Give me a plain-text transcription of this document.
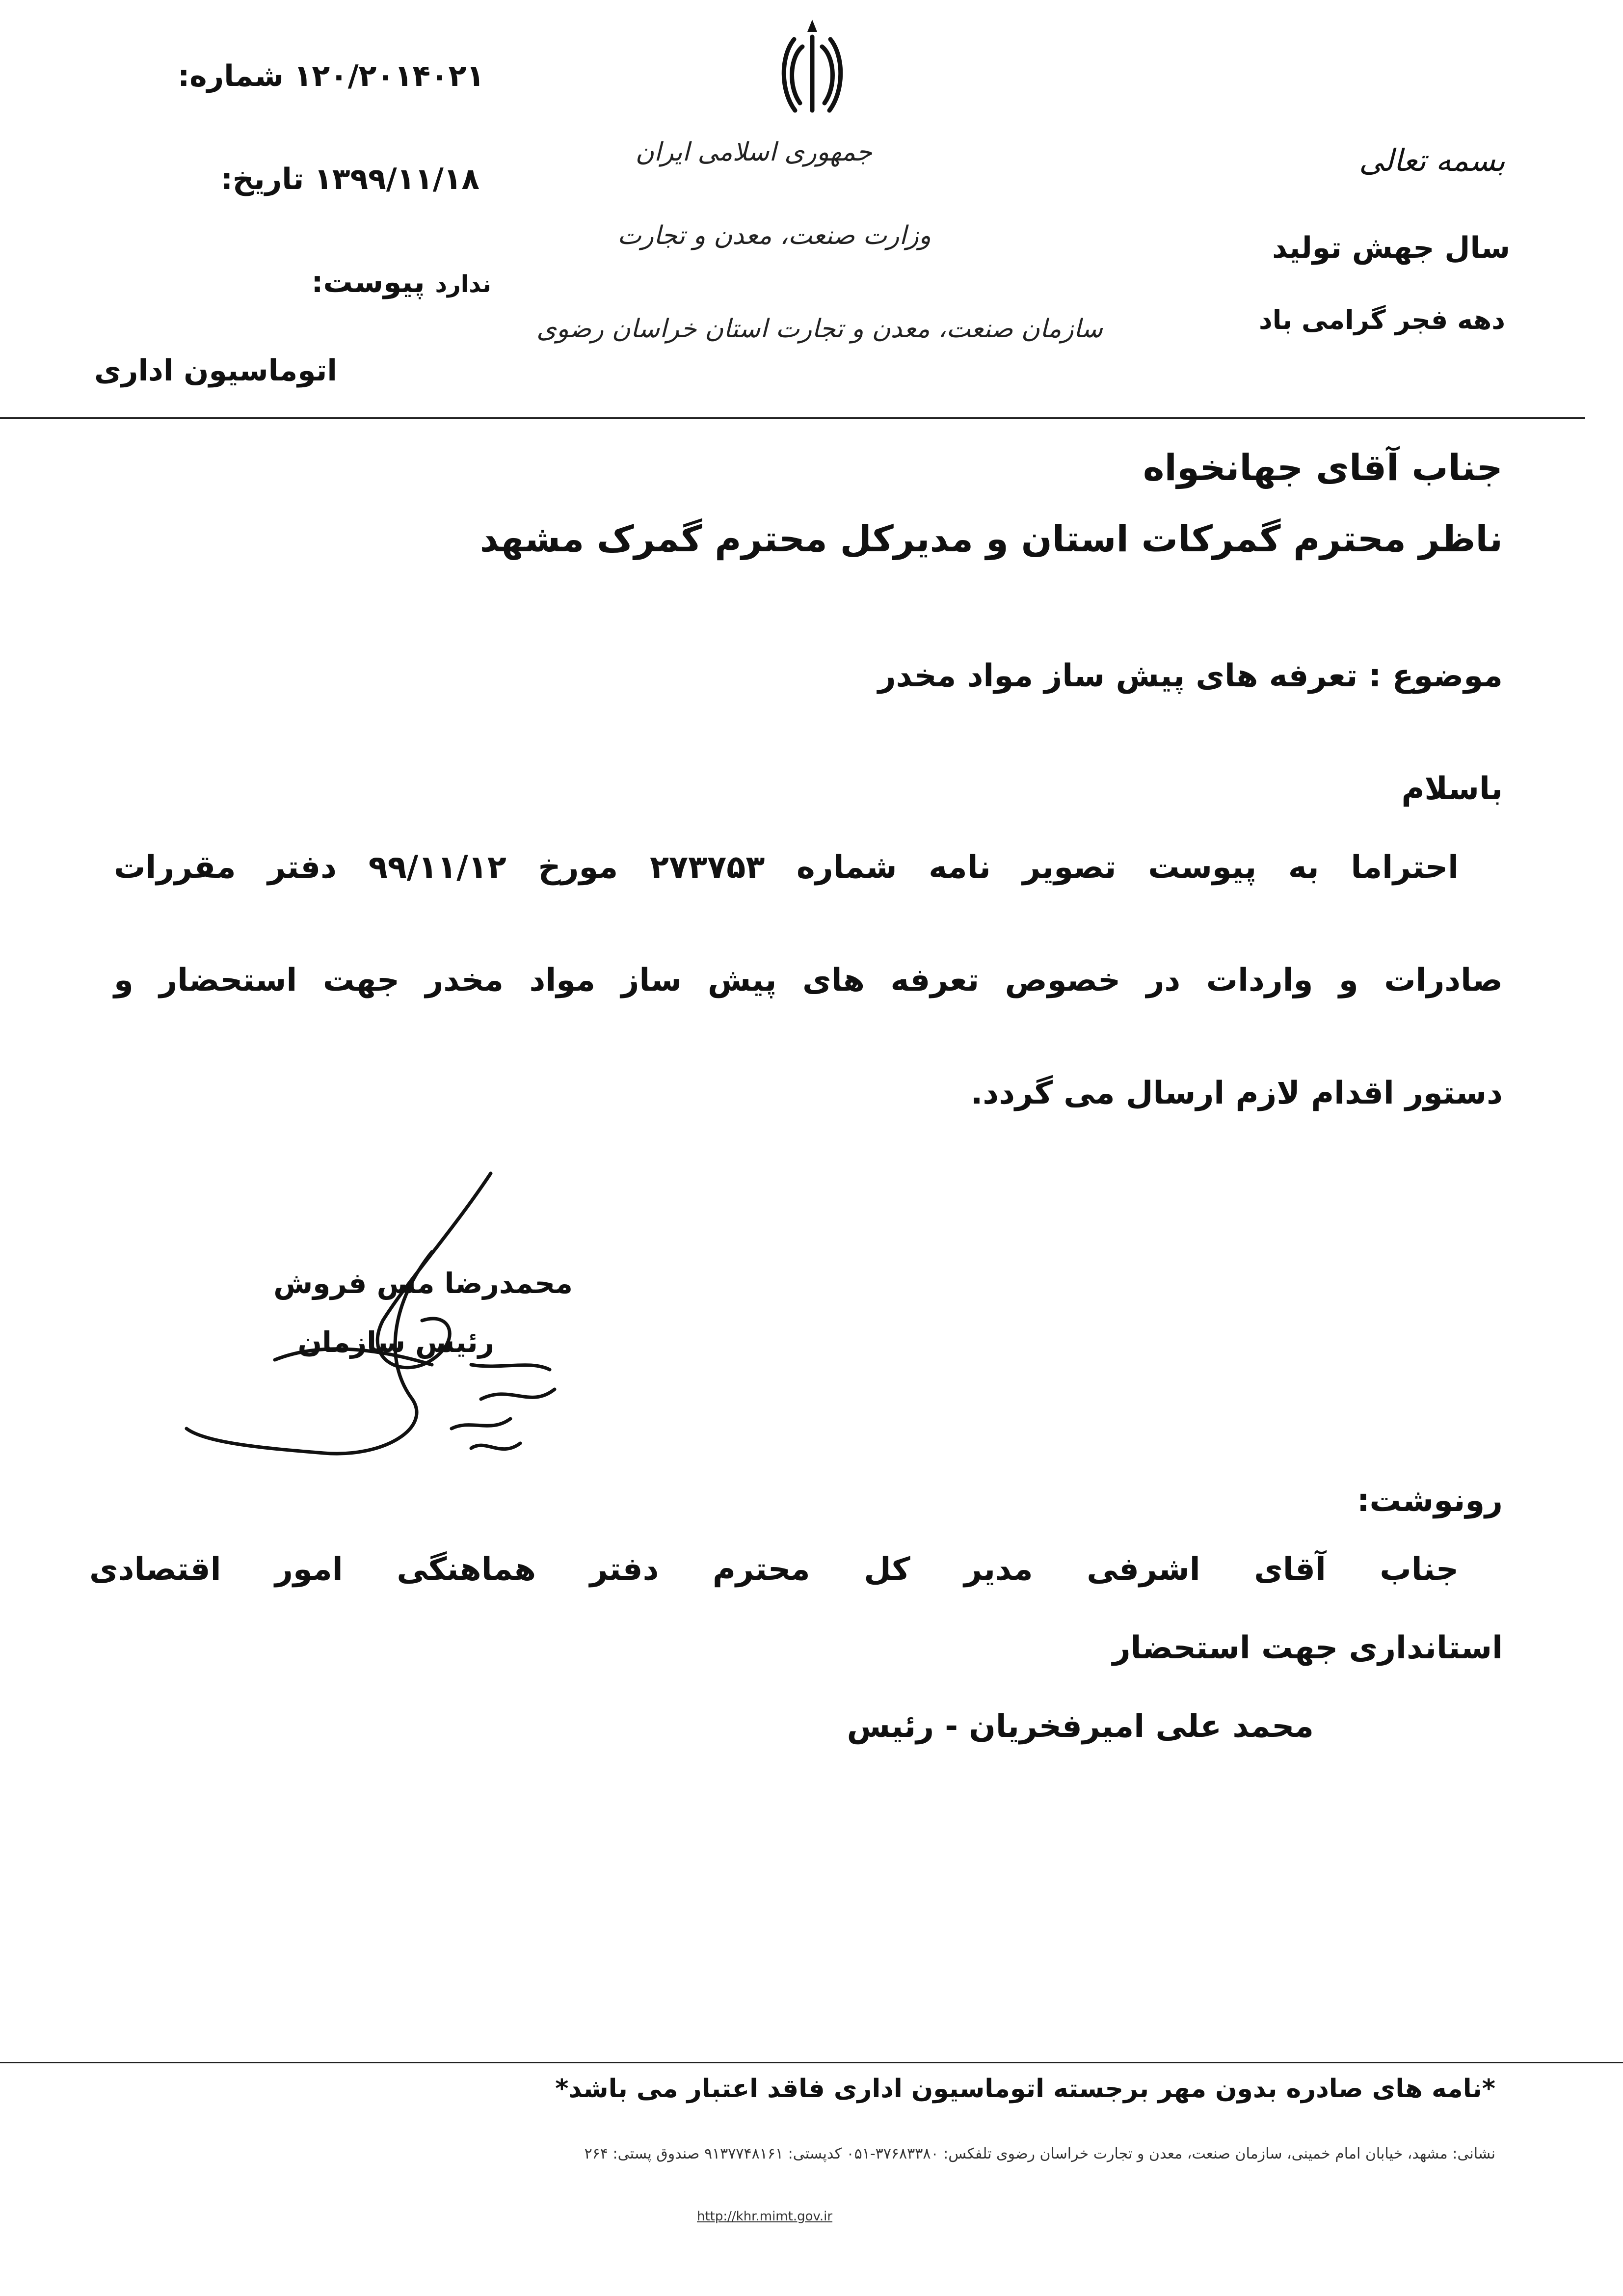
شماره: ۱۲۰/۲۰۱۴۰۲۱
تاریخ: ۱۳۹۹/۱۱/۱۸
پیوست: ندارد
اتوماسیون اداری
جمهوری اسلامی ایران
وزارت صنعت، معدن و تجارت
سازمان صنعت، معدن و تجارت استان خراسان رضوی
بسمه تعالی
سال جهش تولید
دهه فجر گرامی باد
جناب آقای جهانخواه
ناظر محترم گمرکات استان و مدیرکل محترم گمرک مشهد
موضوع : تعرفه های پیش ساز مواد مخدر
باسلام
احتراما به پیوست تصویر نامه شماره ۲۷۳۷۵۳ مورخ ۹۹/۱۱/۱۲ دفتر مقررات
صادرات و واردات در خصوص تعرفه های پیش ساز مواد مخدر جهت استحضار و
دستور اقدام لازم ارسال می گردد.
محمدرضا مس فروش
رئیس سازمان
رونوشت:
جناب آقای اشرفی مدیر کل محترم دفتر هماهنگی امور اقتصادی
استانداری جهت استحضار
محمد علی امیرفخریان - رئیس
*نامه های صادره بدون مهر برجسته اتوماسیون اداری فاقد اعتبار می باشد*
نشانی: مشهد، خیابان امام خمینی، سازمان صنعت، معدن و تجارت خراسان رضوی تلفکس: ۳۷۶۸۳۳۸۰-۰۵۱ کدپستی: ۹۱۳۷۷۴۸۱۶۱ صندوق پستی: ۲۶۴
http://khr.mimt.gov.ir
